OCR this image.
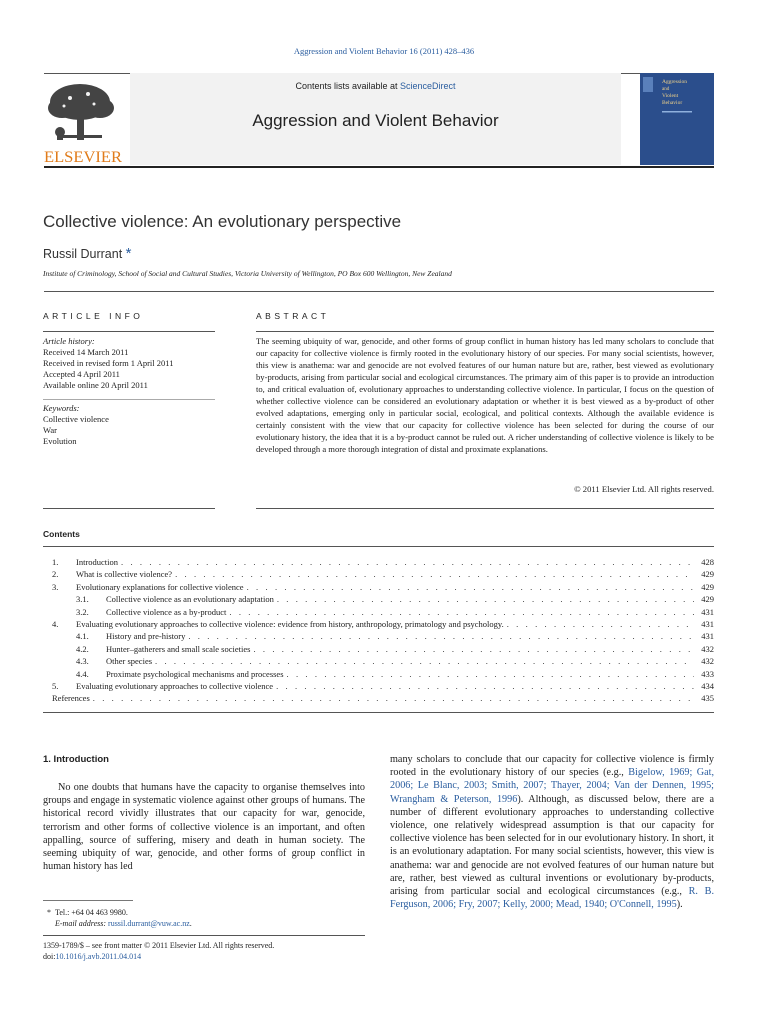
Aggression and Violent Behavior 16 (2011) 428–436
Contents lists available at ScienceDirect
Aggression and Violent Behavior
ELSEVIER
Aggression
and
Violent
Behavior
Collective violence: An evolutionary perspective
Russil Durrant *
Institute of Criminology, School of Social and Cultural Studies, Victoria University of Wellington, PO Box 600 Wellington, New Zealand
ARTICLE INFO
Article history:
Received 14 March 2011
Received in revised form 1 April 2011
Accepted 4 April 2011
Available online 20 April 2011
Keywords:
Collective violence
War
Evolution
ABSTRACT
The seeming ubiquity of war, genocide, and other forms of group conflict in human history has led many scholars to conclude that our capacity for collective violence is firmly rooted in the evolutionary history of our species. For many social scientists, however, this view is anathema: war and genocide are not evolved features of our human nature but are, rather, best viewed as evolutionary by-products, arising from particular social and ecological circumstances. The primary aim of this paper is to provide an introduction to, and critical evaluation of, evolutionary approaches to understanding collective violence. In particular, I focus on the question of whether collective violence can be considered an evolutionary adaptation or whether it is best viewed as a by-product of other evolved adaptations, emerging only in particular social, ecological, and political contexts. Although the available evidence is certainly consistent with the view that our capacity for collective violence has been selected for during the course of our evolutionary history, the idea that it is a by-product cannot be ruled out. A richer understanding of collective violence is likely to be developed through a more thorough integration of distal and proximate explanations.
© 2011 Elsevier Ltd. All rights reserved.
Contents
1.	Introduction . . .	428
2.	What is collective violence? . . .	429
3.	Evolutionary explanations for collective violence . . .	429
3.1.	Collective violence as an evolutionary adaptation . . .	429
3.2.	Collective violence as a by-product . . .	431
4.	Evaluating evolutionary approaches to collective violence: evidence from history, anthropology, primatology and psychology. . . .	431
4.1.	History and pre-history . . .	431
4.2.	Hunter–gatherers and small scale societies . . .	432
4.3.	Other species . . .	432
4.4.	Proximate psychological mechanisms and processes . . .	433
5.	Evaluating evolutionary approaches to collective violence . . .	434
References . . .	435
1. Introduction
No one doubts that humans have the capacity to organise themselves into groups and engage in systematic violence against other groups of humans. The historical record vividly illustrates that our capacity for war, genocide, terrorism and other forms of collective violence is an important, and often appalling, source of suffering, misery and death in human society. The seeming ubiquity of war, genocide, and other forms of group conflict in human history has led
many scholars to conclude that our capacity for collective violence is firmly rooted in the evolutionary history of our species (e.g., Bigelow, 1969; Gat, 2006; Le Blanc, 2003; Smith, 2007; Thayer, 2004; Van der Dennen, 1995; Wrangham & Peterson, 1996). Although, as discussed below, there are a number of different evolutionary approaches to understanding collective violence, one relatively widespread assumption is that our capacity for collective violence has been selected for in our evolutionary history. In short, it is an evolutionary adaptation. For many social scientists, however, this view is anathema: war and genocide are not evolved features of our human nature but are, rather, best viewed as cultural inventions or evolutionary by-products, arising from particular social and ecological circumstances (e.g., R. B. Ferguson, 2006; Fry, 2007; Kelly, 2000; Mead, 1940; O'Connell, 1995).
* Tel.: +64 04 463 9980.
E-mail address: russil.durrant@vuw.ac.nz.
1359-1789/$ – see front matter © 2011 Elsevier Ltd. All rights reserved.
doi:10.1016/j.avb.2011.04.014
